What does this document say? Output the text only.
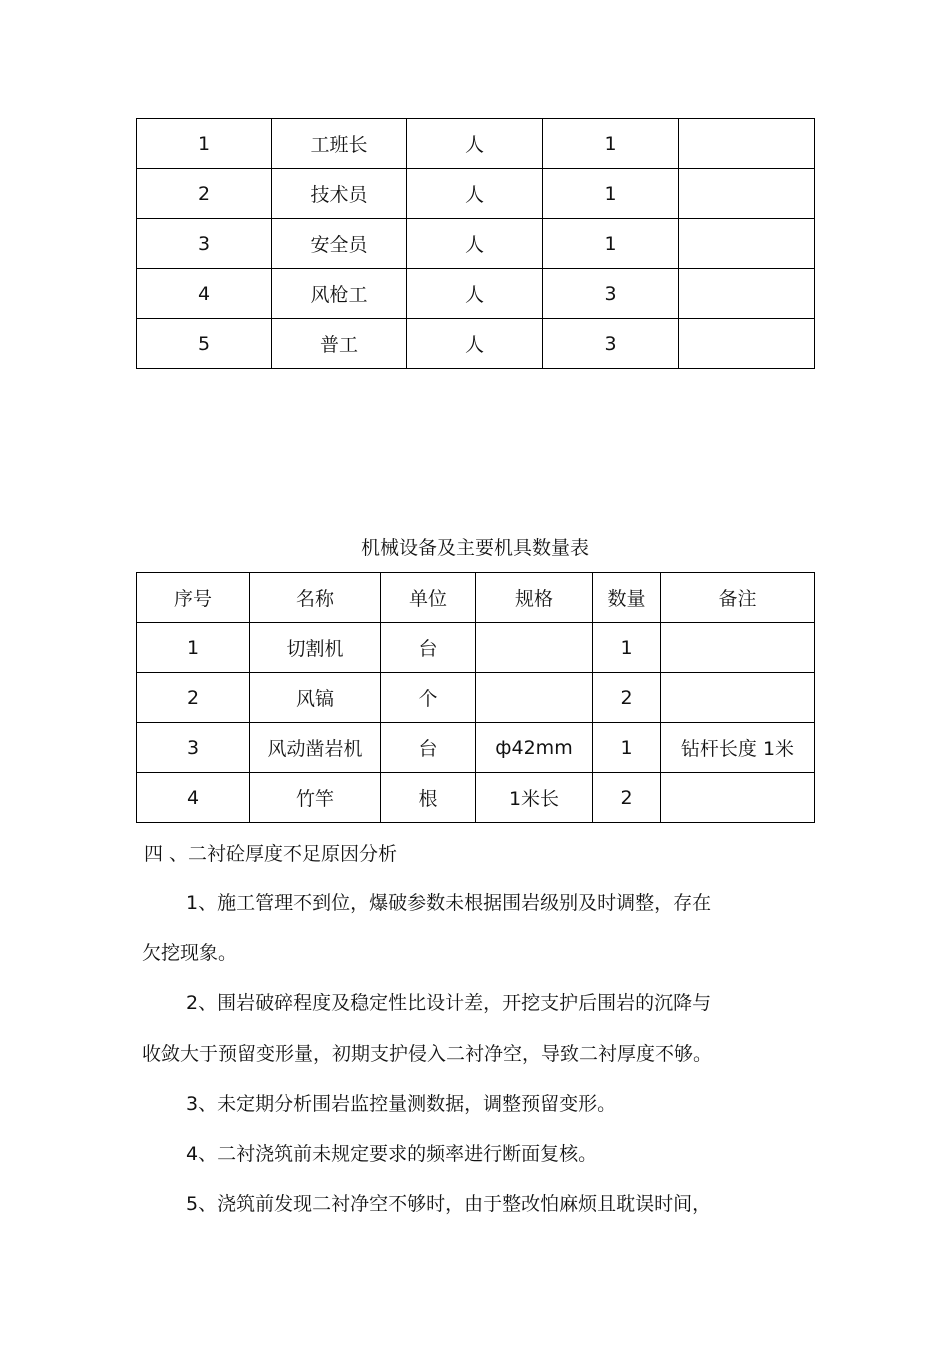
1	工班长	人	1	
2	技术员	人	1	
3	安全员	人	1	
4	风枪工	人	3	
5	普工	人	3	
机械设备及主要机具数量表
序号	名称	单位	规格	数量	备注
1	切割机	台		1	
2	风镐	个		2	
3	风动凿岩机	台	ф42mm	1	钻杆长度 1米
4	竹竿	根	1米长	2	
四 、二衬砼厚度不足原因分析
1、施工管理不到位，爆破参数未根据围岩级别及时调整，存在
欠挖现象。
2、围岩破碎程度及稳定性比设计差，开挖支护后围岩的沉降与
收敛大于预留变形量，初期支护侵入二衬净空，导致二衬厚度不够。
3、未定期分析围岩监控量测数据，调整预留变形。
4、二衬浇筑前未规定要求的频率进行断面复核。
5、浇筑前发现二衬净空不够时，由于整改怕麻烦且耽误时间，
